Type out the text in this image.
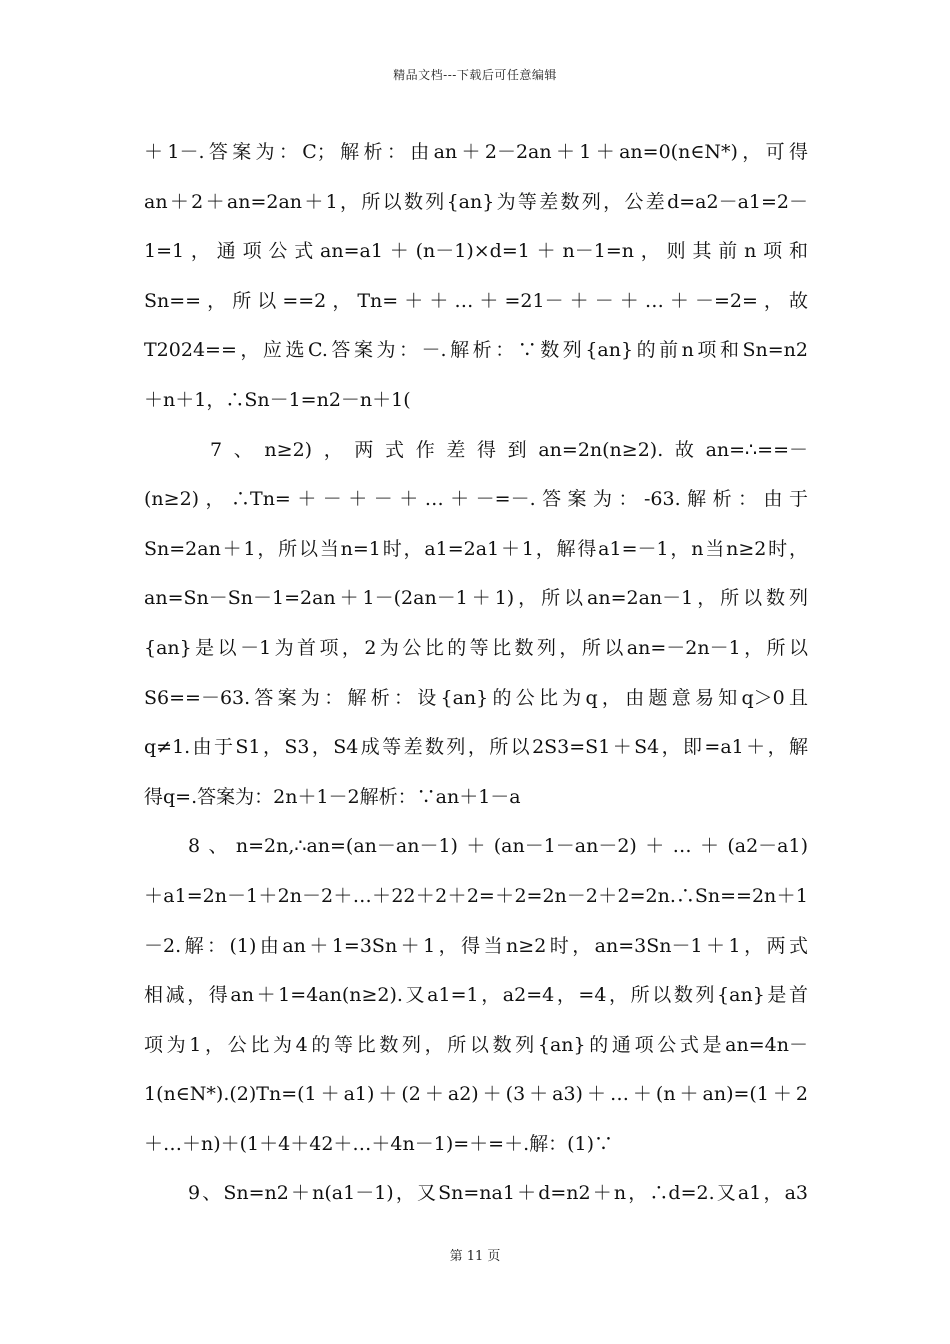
精品文档---下载后可任意编辑
＋1－.答案为：C；解析：由an＋2－2an＋1＋an=0(n∈N*)，可得
an＋2＋an=2an＋1，所以数列{an}为等差数列，公差d=a2－a1=2－
1=1，通项公式an=a1＋(n－1)×d=1＋n－1=n，则其前n项和
Sn==，所以==2，Tn=＋＋…＋=21－＋－＋…＋－=2=，故
T2024==，应选C.答案为：－.解析：∵数列{an}的前n项和Sn=n2
＋n＋1，∴Sn－1=n2－n＋1(
7、n≥2)，两式作差得到an=2n(n≥2).故an=∴==－
(n≥2)，∴Tn=＋－＋－＋…＋－=－.答案为：-63.解析：由于
Sn=2an＋1，所以当n=1时，a1=2a1＋1，解得a1=－1，n当n≥2时，
an=Sn－Sn－1=2an＋1－(2an－1＋1)，所以an=2an－1，所以数列
{an}是以－1为首项，2为公比的等比数列，所以an=－2n－1，所以
S6==－63.答案为：解析：设{an}的公比为q，由题意易知q＞0且
q≠1.由于S1，S3，S4成等差数列，所以2S3=S1＋S4，即=a1＋，解
得q=.答案为：2n＋1－2解析：∵an＋1－a
8、n=2n,∴an=(an－an－1)＋(an－1－an－2)＋…＋(a2－a1)
＋a1=2n－1＋2n－2＋…＋22＋2＋2=＋2=2n－2＋2=2n.∴Sn==2n＋1
－2.解：(1)由an＋1=3Sn＋1，得当n≥2时，an=3Sn－1＋1，两式
相减，得an＋1=4an(n≥2).又a1=1，a2=4，=4，所以数列{an}是首
项为1，公比为4的等比数列，所以数列{an}的通项公式是an=4n－
1(n∈N*).(2)Tn=(1＋a1)＋(2＋a2)＋(3＋a3)＋…＋(n＋an)=(1＋2
＋…＋n)＋(1＋4＋42＋…＋4n－1)=＋=＋.解：(1)∵
9、Sn=n2＋n(a1－1)，又Sn=na1＋d=n2＋n，∴d=2.又a1，a3
第 11 页
